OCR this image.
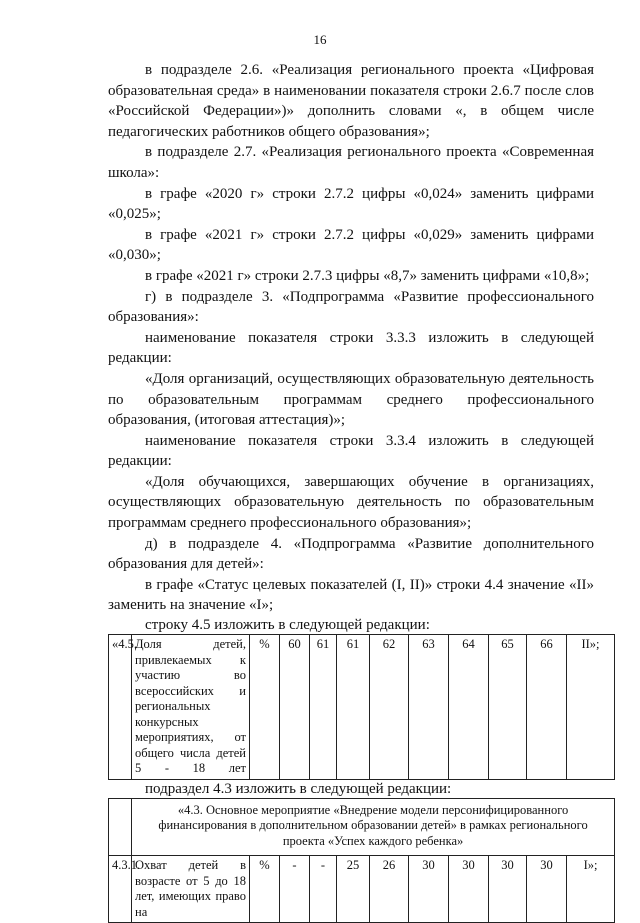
16

в подразделе 2.6. «Реализация регионального проекта «Цифровая образовательная среда» в наименовании показателя строки 2.6.7 после слов «Российской Федерации»)» дополнить словами «, в общем числе педагогических работников общего образования»;

в подразделе 2.7. «Реализация регионального проекта «Современная школа»:

в графе «2020 г» строки 2.7.2 цифры «0,024» заменить цифрами «0,025»;

в графе «2021 г» строки 2.7.2 цифры «0,029» заменить цифрами «0,030»;

в графе «2021 г» строки 2.7.3 цифры «8,7» заменить цифрами «10,8»;

г) в подразделе 3. «Подпрограмма «Развитие профессионального образования»:

наименование показателя строки 3.3.3 изложить в следующей редакции:

«Доля организаций, осуществляющих образовательную деятельность по образовательным программам среднего профессионального образования, (итоговая аттестация)»;

наименование показателя строки 3.3.4 изложить в следующей редакции:

«Доля обучающихся, завершающих обучение в организациях, осуществляющих образовательную деятельность по образовательным программам среднего профессионального образования»;

д) в подразделе 4. «Подпрограмма «Развитие дополнительного образования для детей»:

в графе «Статус целевых показателей (I, II)» строки 4.4 значение «II» заменить на значение «I»;

строку 4.5 изложить в следующей редакции:

«4.5.	Доля детей, привлекаемых к участию во всероссийских и региональных конкурсных мероприятиях, от общего числа детей 5 - 18 лет	%	60	61	61	62	63	64	65	66	II»;

подраздел 4.3 изложить в следующей редакции:

	«4.3. Основное мероприятие «Внедрение модели персонифицированного финансирования в дополнительном образовании детей» в рамках регионального проекта «Успех каждого ребенка»										
4.3.1.	Охват детей в возрасте от 5 до 18 лет, имеющих право на	%	-	-	25	26	30	30	30	30	I»;
